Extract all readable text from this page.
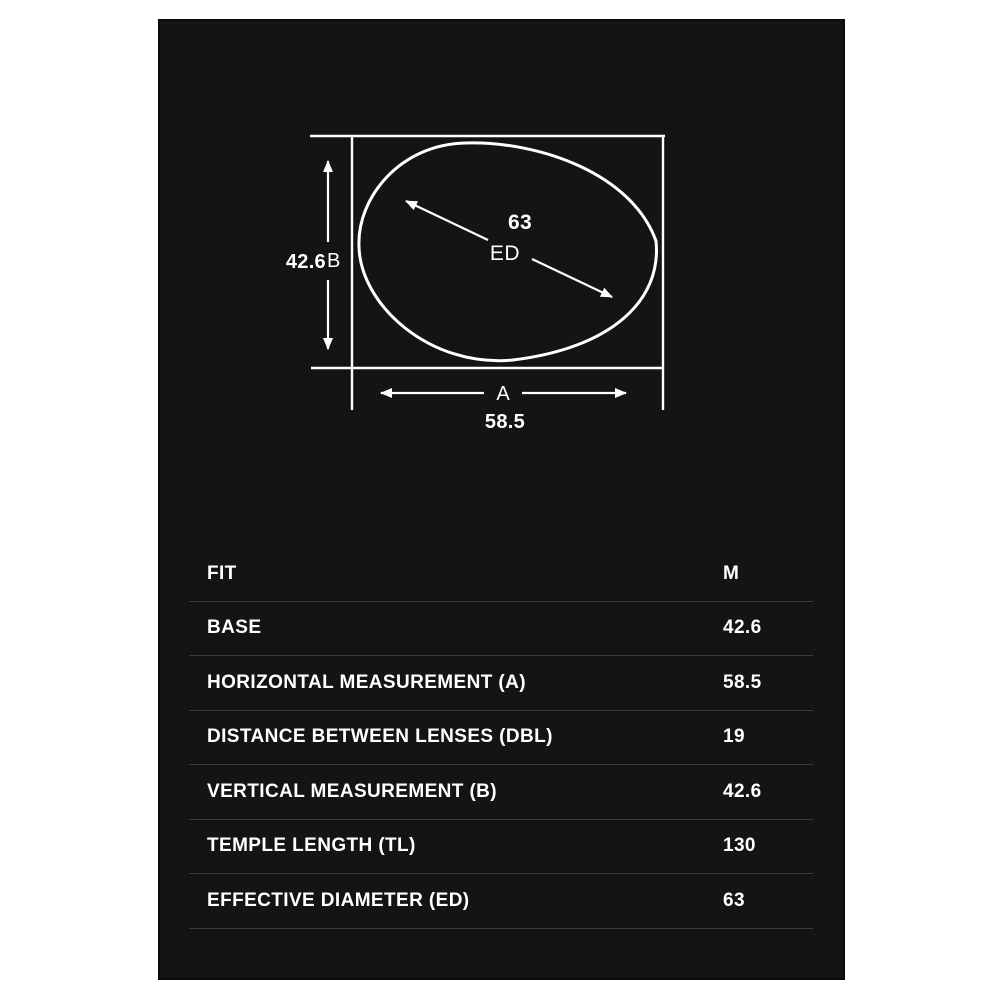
42.6 B
63
ED
A
58.5
FIT	M
BASE	42.6
HORIZONTAL MEASUREMENT (A)	58.5
DISTANCE BETWEEN LENSES (DBL)	19
VERTICAL MEASUREMENT (B)	42.6
TEMPLE LENGTH (TL)	130
EFFECTIVE DIAMETER (ED)	63
